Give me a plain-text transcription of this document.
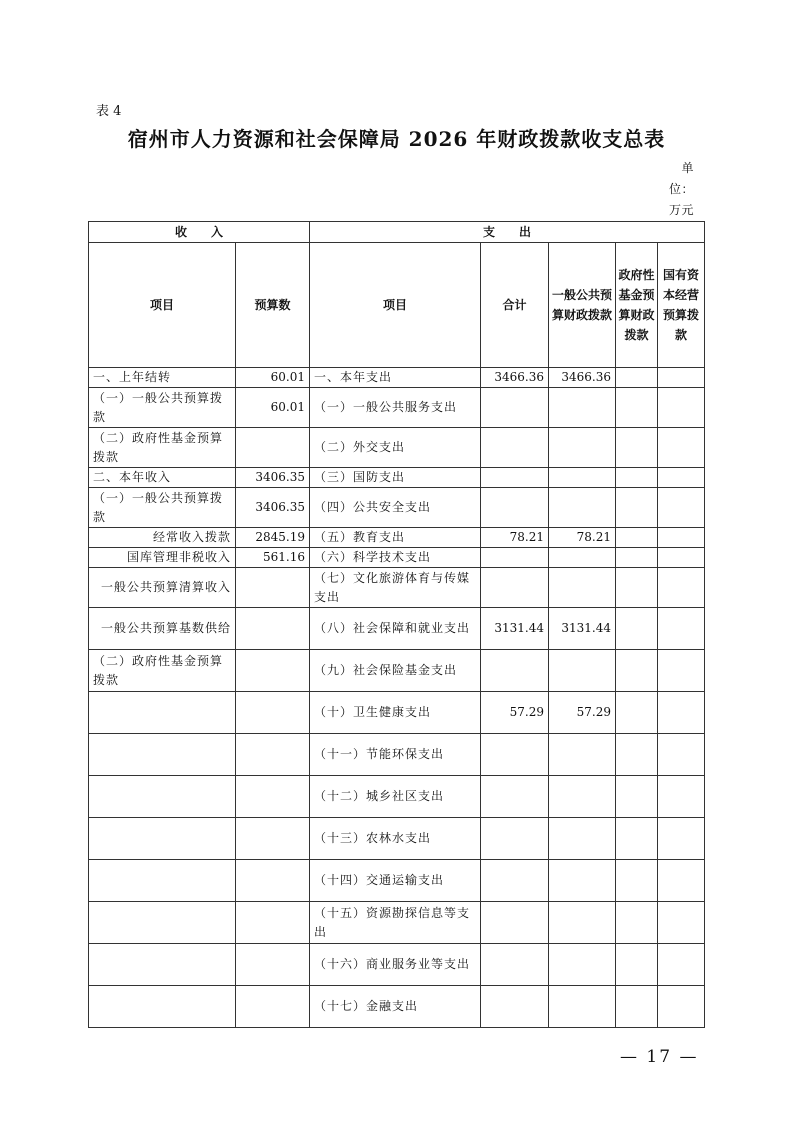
表 4
宿州市人力资源和社会保障局 2026 年财政拨款收支总表
单位：万元
收　　入		支　　出				
项目	预算数	项目	合计	一般公共预算财政拨款	政府性基金预算财政拨款	国有资本经营预算拨款
一、上年结转	60.01	一、本年支出	3466.36	3466.36		
（一）一般公共预算拨款	60.01	（一）一般公共服务支出				
（二）政府性基金预算拨款		（二）外交支出				
二、本年收入	3406.35	（三）国防支出				
（一）一般公共预算拨款	3406.35	（四）公共安全支出				
经常收入拨款	2845.19	（五）教育支出	78.21	78.21		
国库管理非税收入	561.16	（六）科学技术支出				
一般公共预算清算收入		（七）文化旅游体育与传媒支出				
一般公共预算基数供给		（八）社会保障和就业支出	3131.44	3131.44		
（二）政府性基金预算拨款		（九）社会保险基金支出				
		（十）卫生健康支出	57.29	57.29		
		（十一）节能环保支出				
		（十二）城乡社区支出				
		（十三）农林水支出				
		（十四）交通运输支出				
		（十五）资源勘探信息等支出				
		（十六）商业服务业等支出				
		（十七）金融支出				
— 17 —
